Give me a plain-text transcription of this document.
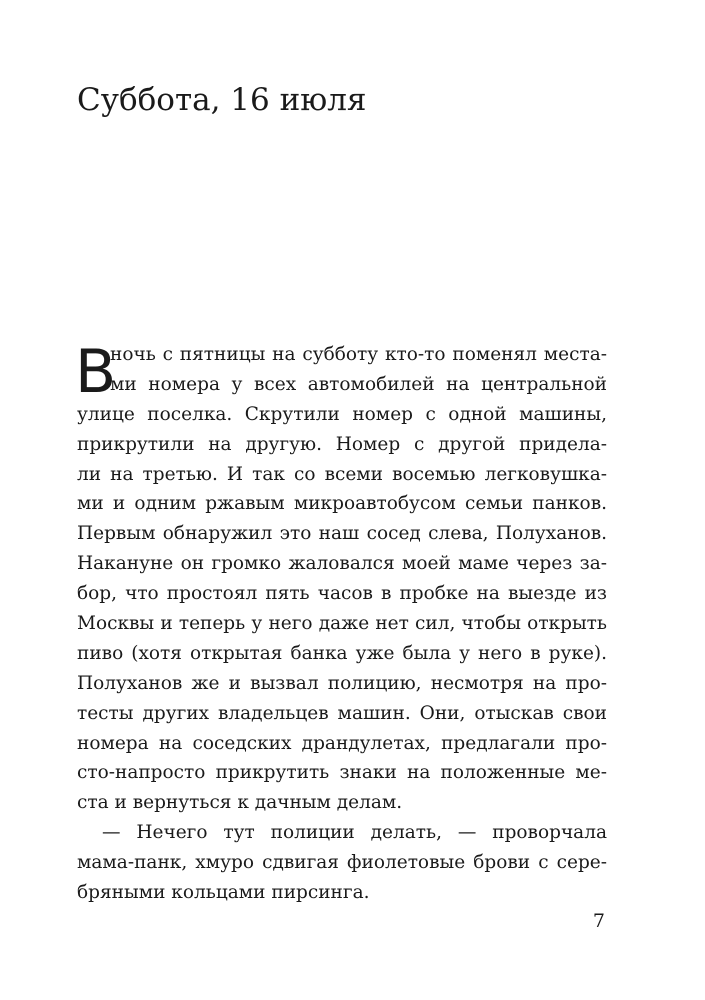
Суббота, 16 июля
В
ночь с пятницы на субботу кто-то поменял места-
ми номера у всех автомобилей на центральной
улице поселка. Скрутили номер с одной машины,
прикрутили на другую. Номер с другой приделa-
ли на третью. И так со всеми восемью легковушка-
ми и одним ржавым микроавтобусом семьи панков.
Первым обнаружил это наш сосед слева, Полуханов.
Накануне он громко жаловался моей маме через за-
бор, что простоял пять часов в пробке на выезде из
Москвы и теперь у него даже нет сил, чтобы открыть
пиво (хотя открытая банка уже была у него в руке).
Полуханов же и вызвал полицию, несмотря на про-
тесты других владельцев машин. Они, отыскав свои
номера на соседских драндулетах, предлагали про-
сто-напросто прикрутить знаки на положенные ме-
ста и вернуться к дачным делам.
— Нечего тут полиции делать, — проворчала
мама-панк, хмуро сдвигая фиолетовые брови с сере-
бряными кольцами пирсинга.
7
